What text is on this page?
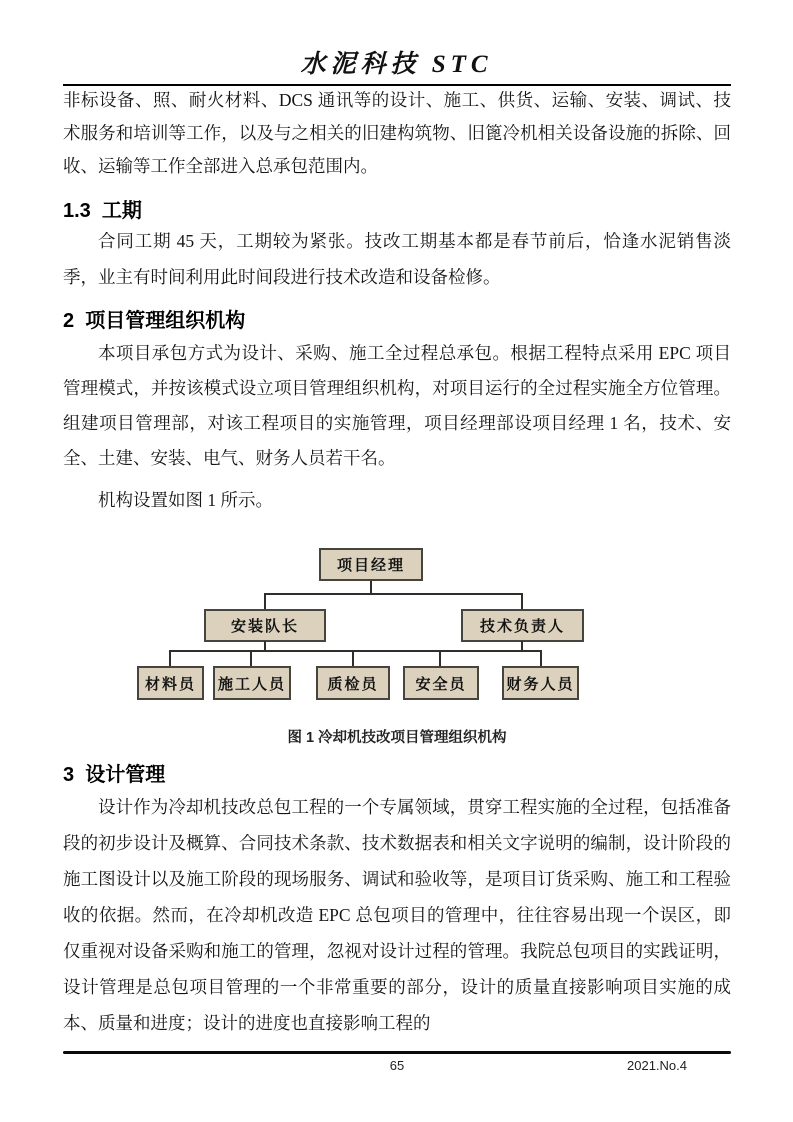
水泥科技 STC

非标设备、照、耐火材料、DCS 通讯等的设计、施工、供货、运输、安装、调试、技术服务和培训等工作，以及与之相关的旧建构筑物、旧篦冷机相关设备设施的拆除、回收、运输等工作全部进入总承包范围内。

1.3  工期

合同工期 45 天，工期较为紧张。技改工期基本都是春节前后，恰逢水泥销售淡季，业主有时间利用此时间段进行技术改造和设备检修。

2  项目管理组织机构

本项目承包方式为设计、采购、施工全过程总承包。根据工程特点采用 EPC 项目管理模式，并按该模式设立项目管理组织机构，对项目运行的全过程实施全方位管理。组建项目管理部，对该工程项目的实施管理，项目经理部设项目经理 1 名，技术、安全、土建、安装、电气、财务人员若干名。

机构设置如图 1 所示。

项目经理
安装队长	技术负责人
材料员	施工人员	质检员	安全员	财务人员
图 1 冷却机技改项目管理组织机构
3  设计管理

设计作为冷却机技改总包工程的一个专属领域，贯穿工程实施的全过程，包括准备段的初步设计及概算、合同技术条款、技术数据表和相关文字说明的编制，设计阶段的施工图设计以及施工阶段的现场服务、调试和验收等，是项目订货采购、施工和工程验收的依据。然而，在冷却机改造 EPC 总包项目的管理中，往往容易出现一个误区，即仅重视对设备采购和施工的管理，忽视对设计过程的管理。我院总包项目的实践证明，设计管理是总包项目管理的一个非常重要的部分，设计的质量直接影响项目实施的成本、质量和进度；设计的进度也直接影响工程的

65	2021.No.4
